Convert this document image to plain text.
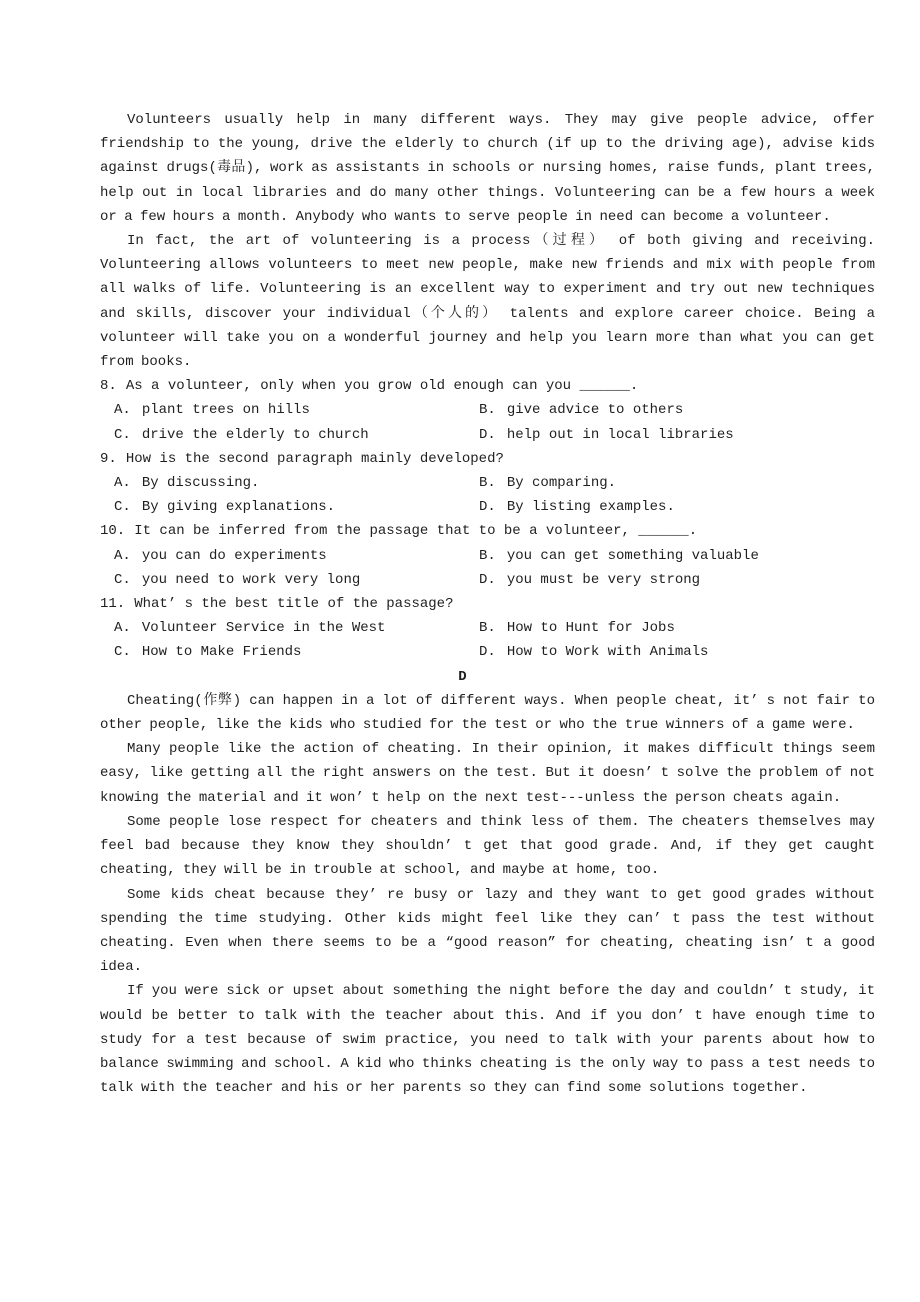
Volunteers usually help in many different ways. They may give people advice, offer friendship to the young, drive the elderly to church (if up to the driving age), advise kids against drugs(毒品), work as assistants in schools or nursing homes, raise funds, plant trees, help out in local libraries and do many other things. Volunteering can be a few hours a week or a few hours a month. Anybody who wants to serve people in need can become a volunteer.

In fact, the art of volunteering is a process（过程） of both giving and receiving. Volunteering allows volunteers to meet new people, make new friends and mix with people from all walks of life. Volunteering is an excellent way to experiment and try out new techniques and skills, discover your individual（个人的） talents and explore career choice. Being a volunteer will take you on a wonderful journey and help you learn more than what you can get from books.

8. As a volunteer, only when you grow old enough can you ______.
A. plant trees on hills	B. give advice to others
C. drive the elderly to church	D. help out in local libraries
9. How is the second paragraph mainly developed?
A. By discussing.	B. By comparing.
C. By giving explanations.	D. By listing examples.
10. It can be inferred from the passage that to be a volunteer, ______.
A. you can do experiments	B. you can get something valuable
C. you need to work very long	D. you must be very strong
11. What’ s the best title of the passage?
A. Volunteer Service in the West	B. How to Hunt for Jobs
C. How to Make Friends	D. How to Work with Animals
D

Cheating(作弊) can happen in a lot of different ways. When people cheat, it’ s not fair to other people, like the kids who studied for the test or who the true winners of a game were.

Many people like the action of cheating. In their opinion, it makes difficult things seem easy, like getting all the right answers on the test. But it doesn’ t solve the problem of not knowing the material and it won’ t help on the next test---unless the person cheats again.

Some people lose respect for cheaters and think less of them. The cheaters themselves may feel bad because they know they shouldn’ t get that good grade. And, if they get caught cheating, they will be in trouble at school, and maybe at home, too.

Some kids cheat because they’ re busy or lazy and they want to get good grades without spending the time studying. Other kids might feel like they can’ t pass the test without cheating. Even when there seems to be a “good reason” for cheating, cheating isn’ t a good idea.

If you were sick or upset about something the night before the day and couldn’ t study, it would be better to talk with the teacher about this. And if you don’ t have enough time to study for a test because of swim practice, you need to talk with your parents about how to balance swimming and school. A kid who thinks cheating is the only way to pass a test needs to talk with the teacher and his or her parents so they can find some solutions together.
